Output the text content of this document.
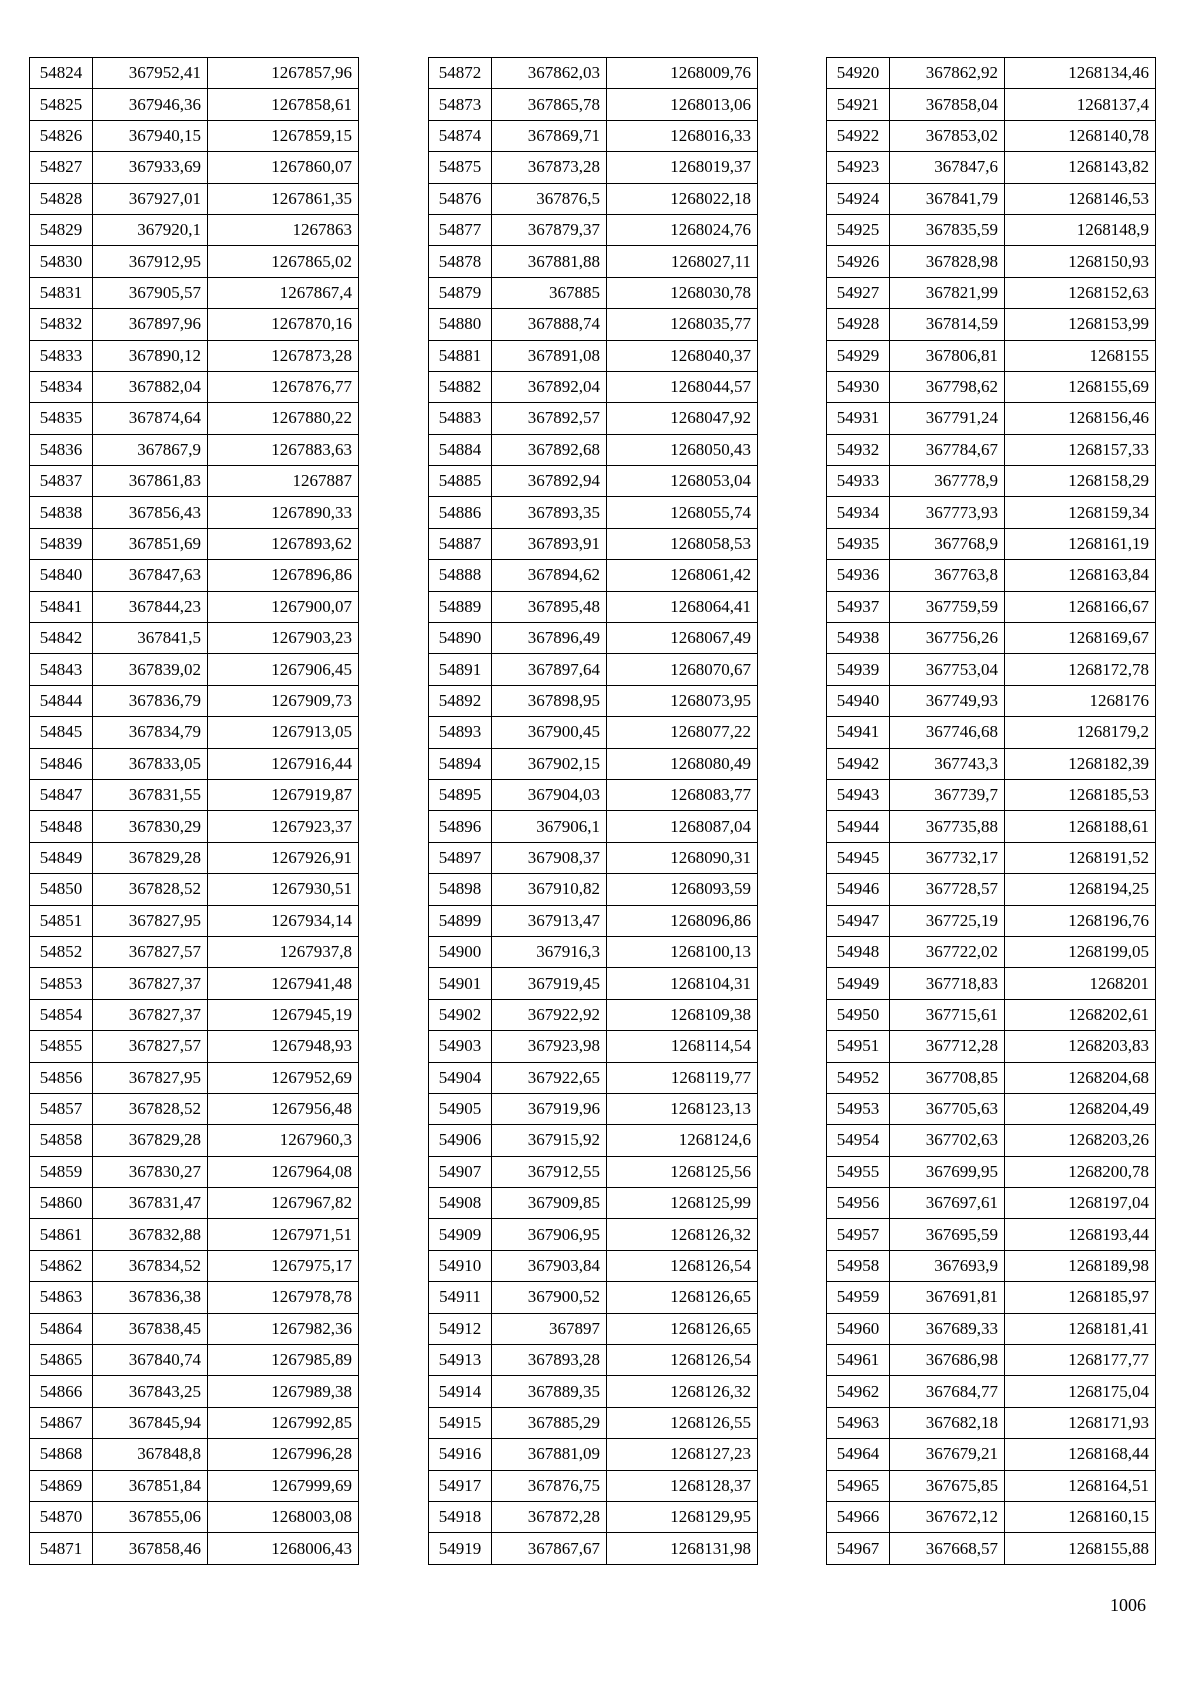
54824	367952,41	1267857,96
54825	367946,36	1267858,61
54826	367940,15	1267859,15
54827	367933,69	1267860,07
54828	367927,01	1267861,35
54829	367920,1	1267863
54830	367912,95	1267865,02
54831	367905,57	1267867,4
54832	367897,96	1267870,16
54833	367890,12	1267873,28
54834	367882,04	1267876,77
54835	367874,64	1267880,22
54836	367867,9	1267883,63
54837	367861,83	1267887
54838	367856,43	1267890,33
54839	367851,69	1267893,62
54840	367847,63	1267896,86
54841	367844,23	1267900,07
54842	367841,5	1267903,23
54843	367839,02	1267906,45
54844	367836,79	1267909,73
54845	367834,79	1267913,05
54846	367833,05	1267916,44
54847	367831,55	1267919,87
54848	367830,29	1267923,37
54849	367829,28	1267926,91
54850	367828,52	1267930,51
54851	367827,95	1267934,14
54852	367827,57	1267937,8
54853	367827,37	1267941,48
54854	367827,37	1267945,19
54855	367827,57	1267948,93
54856	367827,95	1267952,69
54857	367828,52	1267956,48
54858	367829,28	1267960,3
54859	367830,27	1267964,08
54860	367831,47	1267967,82
54861	367832,88	1267971,51
54862	367834,52	1267975,17
54863	367836,38	1267978,78
54864	367838,45	1267982,36
54865	367840,74	1267985,89
54866	367843,25	1267989,38
54867	367845,94	1267992,85
54868	367848,8	1267996,28
54869	367851,84	1267999,69
54870	367855,06	1268003,08
54871	367858,46	1268006,43
54872	367862,03	1268009,76
54873	367865,78	1268013,06
54874	367869,71	1268016,33
54875	367873,28	1268019,37
54876	367876,5	1268022,18
54877	367879,37	1268024,76
54878	367881,88	1268027,11
54879	367885	1268030,78
54880	367888,74	1268035,77
54881	367891,08	1268040,37
54882	367892,04	1268044,57
54883	367892,57	1268047,92
54884	367892,68	1268050,43
54885	367892,94	1268053,04
54886	367893,35	1268055,74
54887	367893,91	1268058,53
54888	367894,62	1268061,42
54889	367895,48	1268064,41
54890	367896,49	1268067,49
54891	367897,64	1268070,67
54892	367898,95	1268073,95
54893	367900,45	1268077,22
54894	367902,15	1268080,49
54895	367904,03	1268083,77
54896	367906,1	1268087,04
54897	367908,37	1268090,31
54898	367910,82	1268093,59
54899	367913,47	1268096,86
54900	367916,3	1268100,13
54901	367919,45	1268104,31
54902	367922,92	1268109,38
54903	367923,98	1268114,54
54904	367922,65	1268119,77
54905	367919,96	1268123,13
54906	367915,92	1268124,6
54907	367912,55	1268125,56
54908	367909,85	1268125,99
54909	367906,95	1268126,32
54910	367903,84	1268126,54
54911	367900,52	1268126,65
54912	367897	1268126,65
54913	367893,28	1268126,54
54914	367889,35	1268126,32
54915	367885,29	1268126,55
54916	367881,09	1268127,23
54917	367876,75	1268128,37
54918	367872,28	1268129,95
54919	367867,67	1268131,98
54920	367862,92	1268134,46
54921	367858,04	1268137,4
54922	367853,02	1268140,78
54923	367847,6	1268143,82
54924	367841,79	1268146,53
54925	367835,59	1268148,9
54926	367828,98	1268150,93
54927	367821,99	1268152,63
54928	367814,59	1268153,99
54929	367806,81	1268155
54930	367798,62	1268155,69
54931	367791,24	1268156,46
54932	367784,67	1268157,33
54933	367778,9	1268158,29
54934	367773,93	1268159,34
54935	367768,9	1268161,19
54936	367763,8	1268163,84
54937	367759,59	1268166,67
54938	367756,26	1268169,67
54939	367753,04	1268172,78
54940	367749,93	1268176
54941	367746,68	1268179,2
54942	367743,3	1268182,39
54943	367739,7	1268185,53
54944	367735,88	1268188,61
54945	367732,17	1268191,52
54946	367728,57	1268194,25
54947	367725,19	1268196,76
54948	367722,02	1268199,05
54949	367718,83	1268201
54950	367715,61	1268202,61
54951	367712,28	1268203,83
54952	367708,85	1268204,68
54953	367705,63	1268204,49
54954	367702,63	1268203,26
54955	367699,95	1268200,78
54956	367697,61	1268197,04
54957	367695,59	1268193,44
54958	367693,9	1268189,98
54959	367691,81	1268185,97
54960	367689,33	1268181,41
54961	367686,98	1268177,77
54962	367684,77	1268175,04
54963	367682,18	1268171,93
54964	367679,21	1268168,44
54965	367675,85	1268164,51
54966	367672,12	1268160,15
54967	367668,57	1268155,88
1006
